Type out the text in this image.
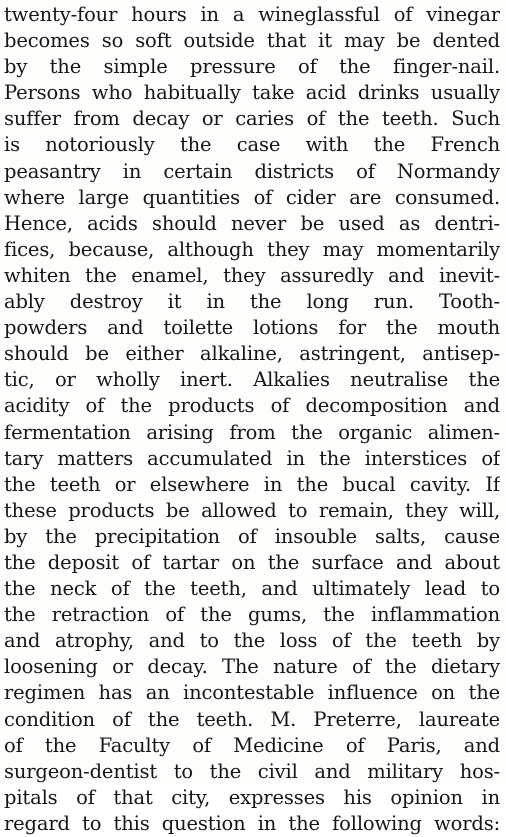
twenty-four hours in a wineglassful of vinegar
becomes so soft outside that it may be dented
by the simple pressure of the finger-nail.
Persons who habitually take acid drinks usually
suffer from decay or caries of the teeth. Such
is notoriously the case with the French
peasantry in certain districts of Normandy
where large quantities of cider are consumed.
Hence, acids should never be used as dentri-
fices, because, although they may momentarily
whiten the enamel, they assuredly and inevit-
ably destroy it in the long run. Tooth-
powders and toilette lotions for the mouth
should be either alkaline, astringent, antisep-
tic, or wholly inert. Alkalies neutralise the
acidity of the products of decomposition and
fermentation arising from the organic alimen-
tary matters accumulated in the interstices of
the teeth or elsewhere in the bucal cavity. If
these products be allowed to remain, they will,
by the precipitation of insouble salts, cause
the deposit of tartar on the surface and about
the neck of the teeth, and ultimately lead to
the retraction of the gums, the inflammation
and atrophy, and to the loss of the teeth by
loosening or decay. The nature of the dietary
regimen has an incontestable influence on the
condition of the teeth. M. Preterre, laureate
of the Faculty of Medicine of Paris, and
surgeon-dentist to the civil and military hos-
pitals of that city, expresses his opinion in
regard to this question in the following words:
